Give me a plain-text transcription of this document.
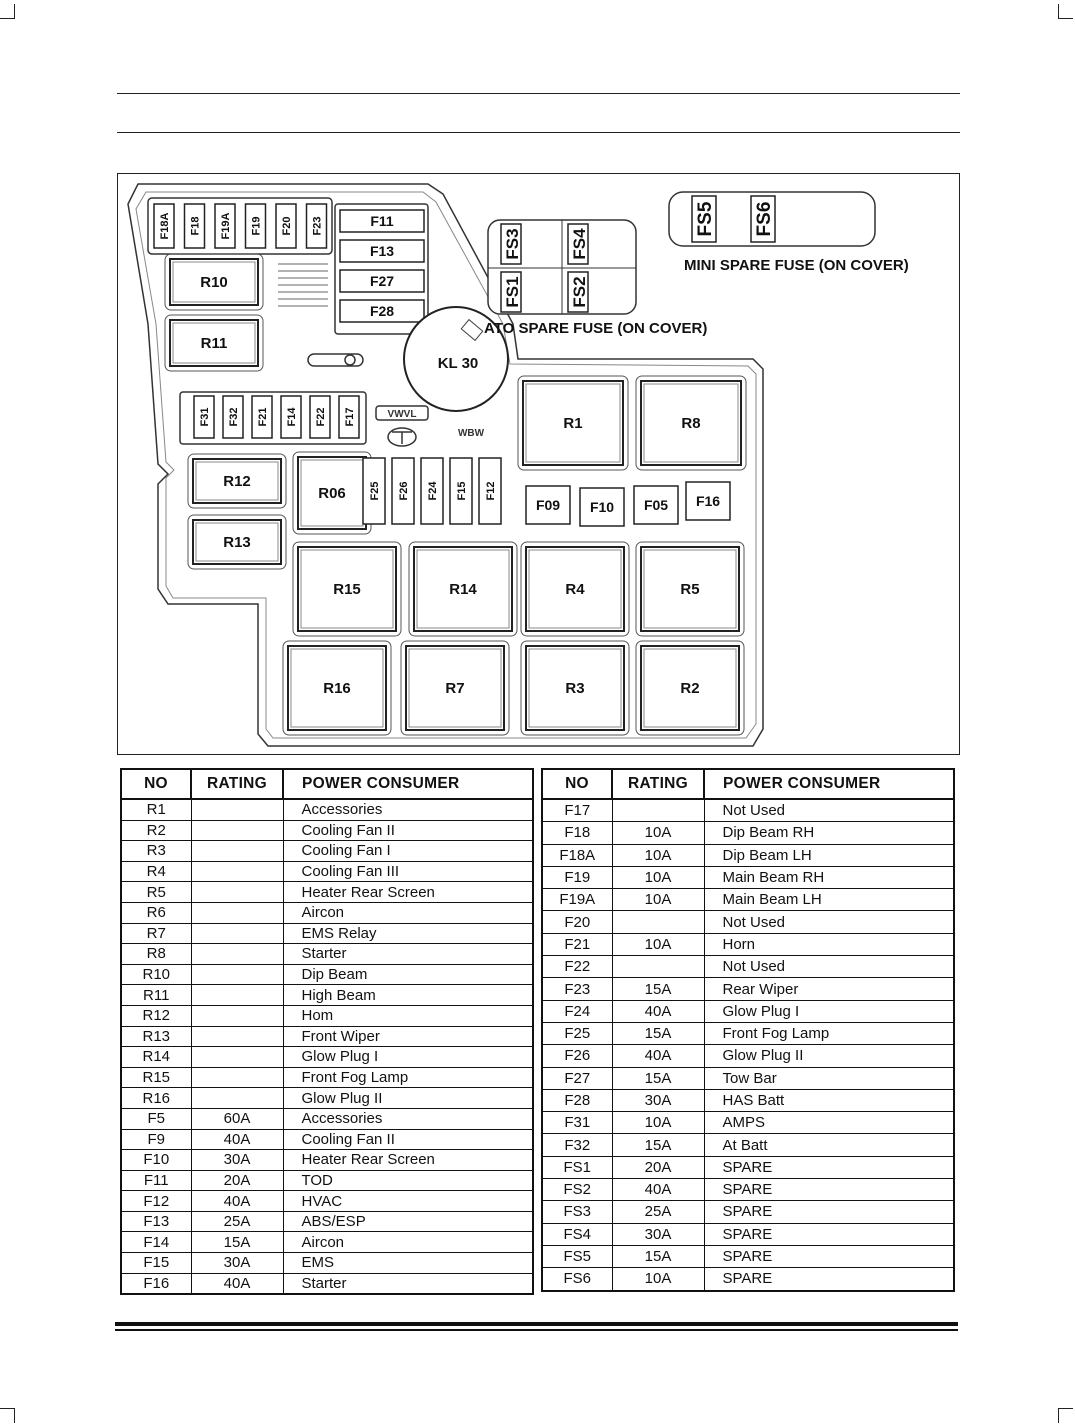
F18A F18 F19A F19 F20 F23	F11
F13
F27
F28
R10
R11
KL 30
VWVL
WBW
F31 F32 F21 F14 F22 F17
R12
R13
R06 F25 F26 F24 F15 F12
R1	R8
F09 F10 F05 F16
R15	R14	R4	R5
R16	R7	R3	R2
FS3	FS4
FS1	FS2
ATO SPARE FUSE (ON COVER)
FS5 FS6
MINI SPARE FUSE (ON COVER)
NO	RATING	POWER CONSUMER
R1		Accessories
R2		Cooling Fan II
R3		Cooling Fan I
R4		Cooling Fan III
R5		Heater Rear Screen
R6		Aircon
R7		EMS Relay
R8		Starter
R10		Dip Beam
R11		High Beam
R12		Hom
R13		Front Wiper
R14		Glow Plug I
R15		Front Fog Lamp
R16		Glow Plug II
F5	60A	Accessories
F9	40A	Cooling Fan II
F10	30A	Heater Rear Screen
F11	20A	TOD
F12	40A	HVAC
F13	25A	ABS/ESP
F14	15A	Aircon
F15	30A	EMS
F16	40A	Starter
NO	RATING	POWER CONSUMER
F17		Not Used
F18	10A	Dip Beam RH
F18A	10A	Dip Beam LH
F19	10A	Main Beam RH
F19A	10A	Main Beam LH
F20		Not Used
F21	10A	Horn
F22		Not Used
F23	15A	Rear Wiper
F24	40A	Glow Plug I
F25	15A	Front Fog Lamp
F26	40A	Glow Plug II
F27	15A	Tow Bar
F28	30A	HAS Batt
F31	10A	AMPS
F32	15A	At Batt
FS1	20A	SPARE
FS2	40A	SPARE
FS3	25A	SPARE
FS4	30A	SPARE
FS5	15A	SPARE
FS6	10A	SPARE
